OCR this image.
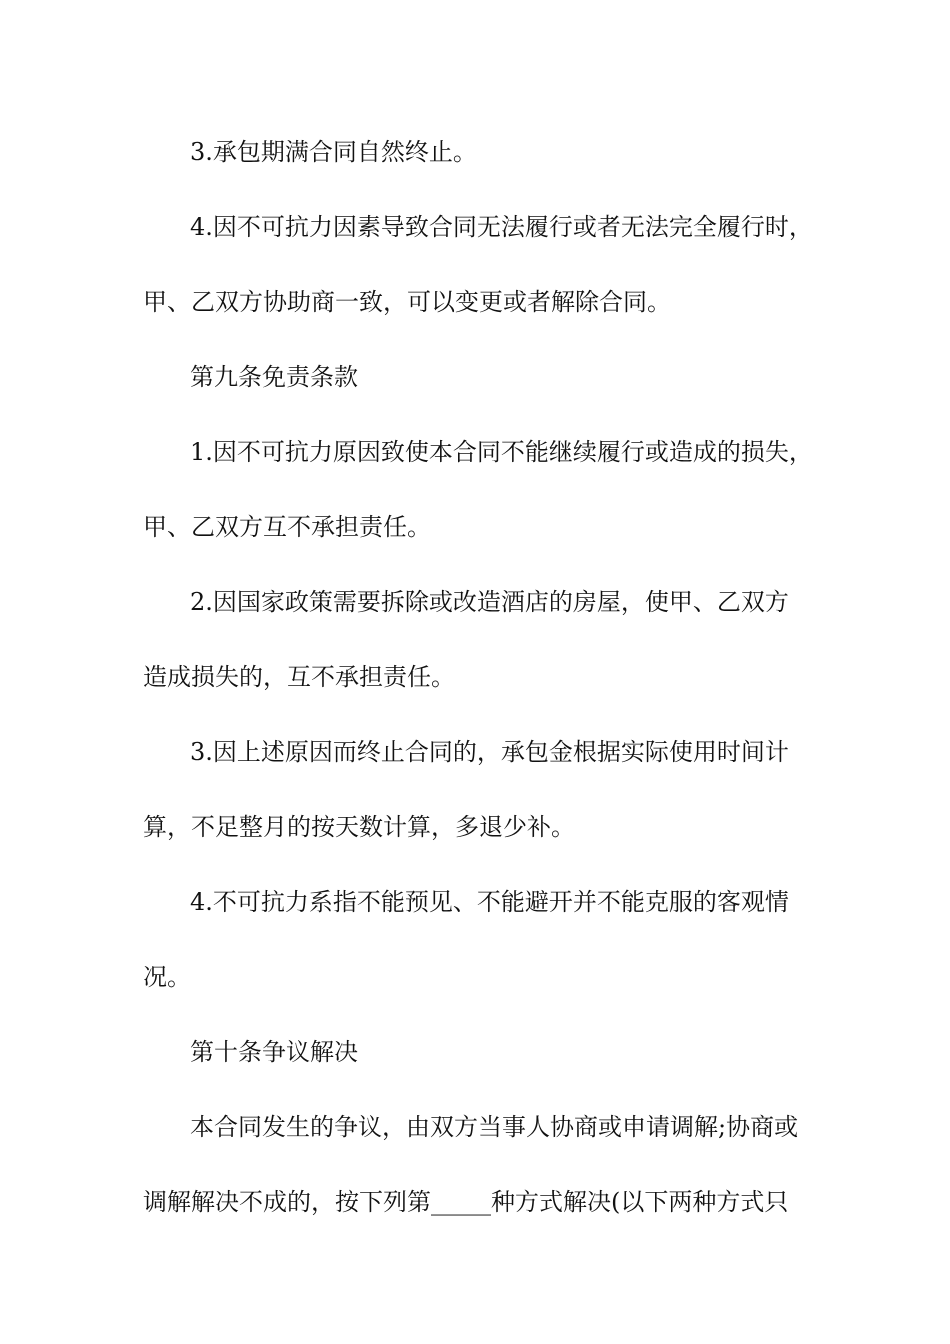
3.承包期满合同自然终止。
4.因不可抗力因素导致合同无法履行或者无法完全履行时，
甲、乙双方协助商一致，可以变更或者解除合同。
第九条免责条款
1.因不可抗力原因致使本合同不能继续履行或造成的损失，
甲、乙双方互不承担责任。
2.因国家政策需要拆除或改造酒店的房屋，使甲、乙双方
造成损失的，互不承担责任。
3.因上述原因而终止合同的，承包金根据实际使用时间计
算，不足整月的按天数计算，多退少补。
4.不可抗力系指不能预见、不能避开并不能克服的客观情
况。
第十条争议解决
本合同发生的争议，由双方当事人协商或申请调解;协商或
调解解决不成的，按下列第_____种方式解决(以下两种方式只
